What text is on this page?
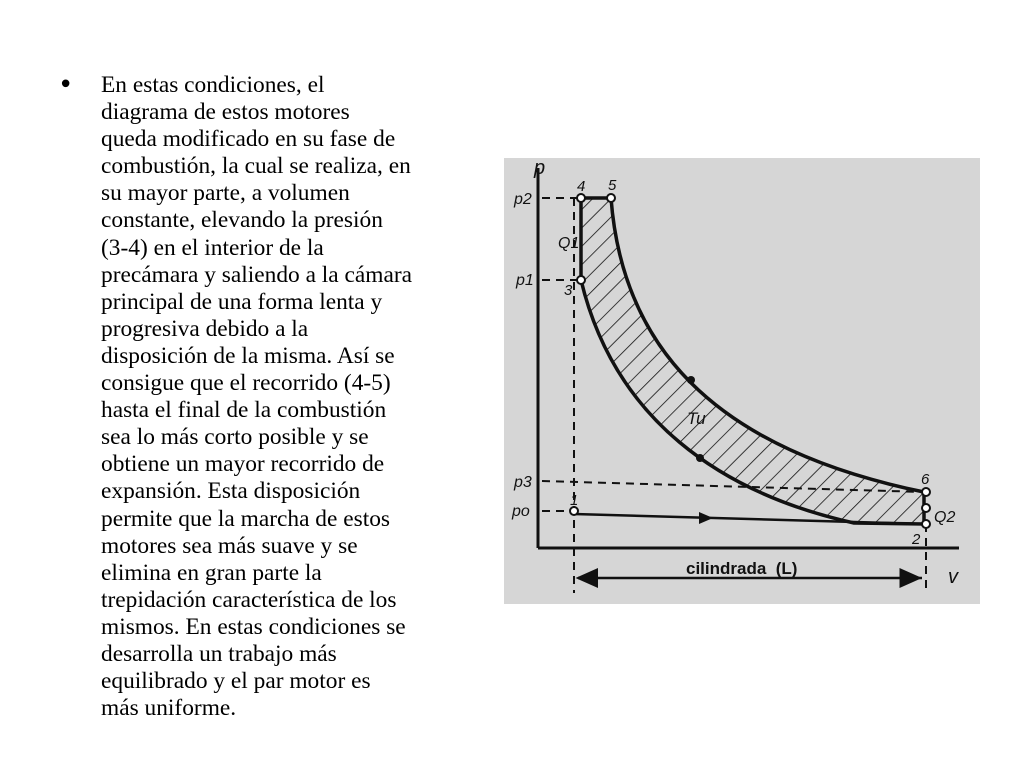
• En estas condiciones, el
diagrama de estos motores
queda modificado en su fase de
combustión, la cual se realiza, en
su mayor parte, a volumen
constante, elevando la presión
(3-4) en el interior de la
precámara y saliendo a la cámara
principal de una forma lenta y
progresiva debido a la
disposición de la misma. Así se
consigue que el recorrido (4-5)
hasta el final de la combustión
sea lo más corto posible y se
obtiene un mayor recorrido de
expansión. Esta disposición
permite que la marcha de estos
motores sea más suave y se
elimina en gran parte la
trepidación característica de los
mismos. En estas condiciones se
desarrolla un trabajo más
equilibrado y el par motor es
más uniforme.

p
v
p2
p1
p3
po
4 5
3
1
6
2
Q1
Q2
Tu
cilindrada  (L)
